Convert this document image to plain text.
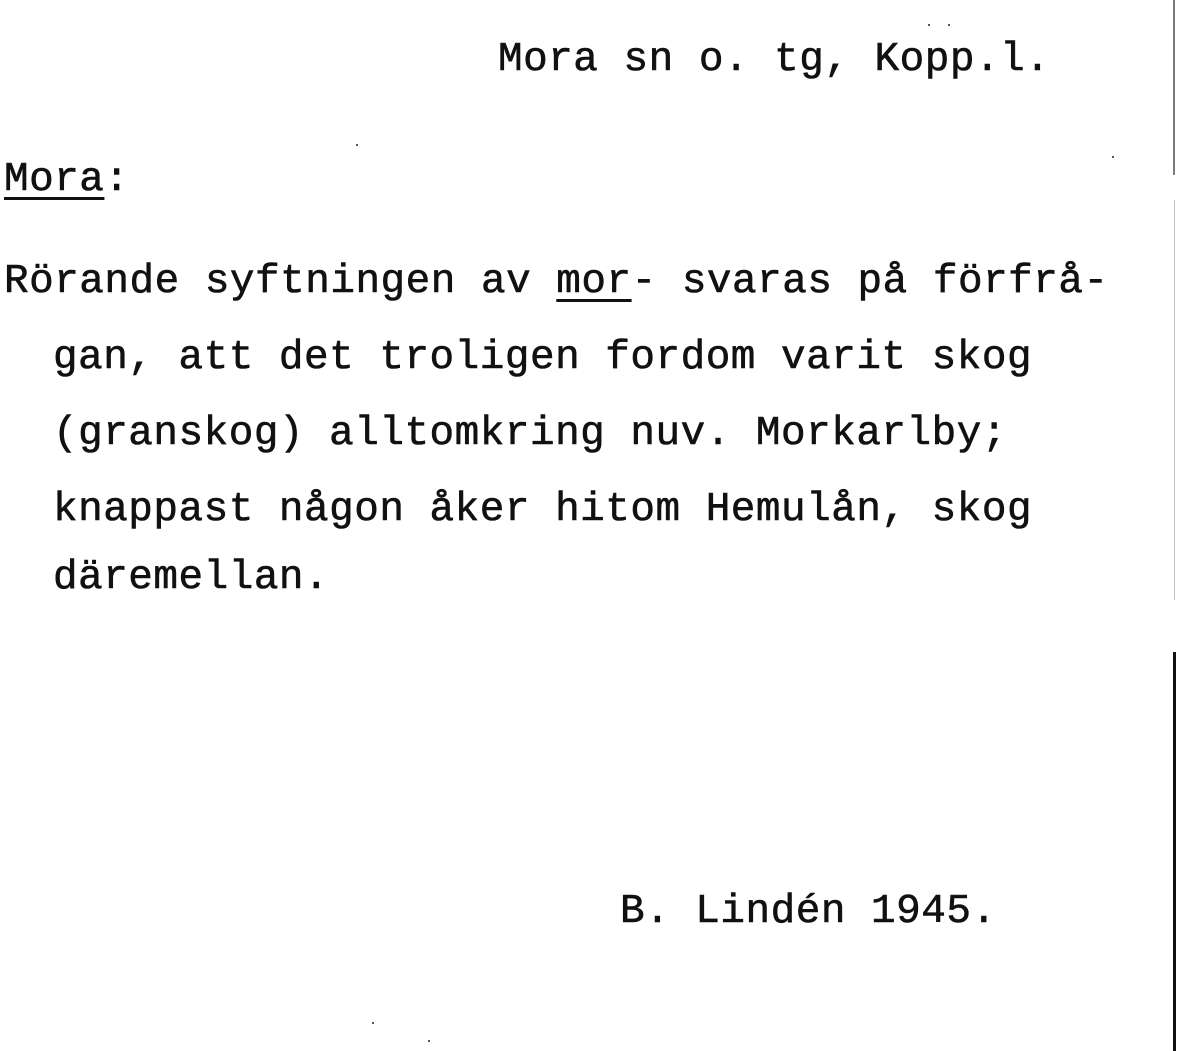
Mora sn o. tg, Kopp.l.
Mora:
Rörande syftningen av mor- svaras på förfrå-
gan, att det troligen fordom varit skog
(granskog) alltomkring nuv. Morkarlby;
knappast någon åker hitom Hemulån, skog
däremellan.
B. Lindén 1945.
